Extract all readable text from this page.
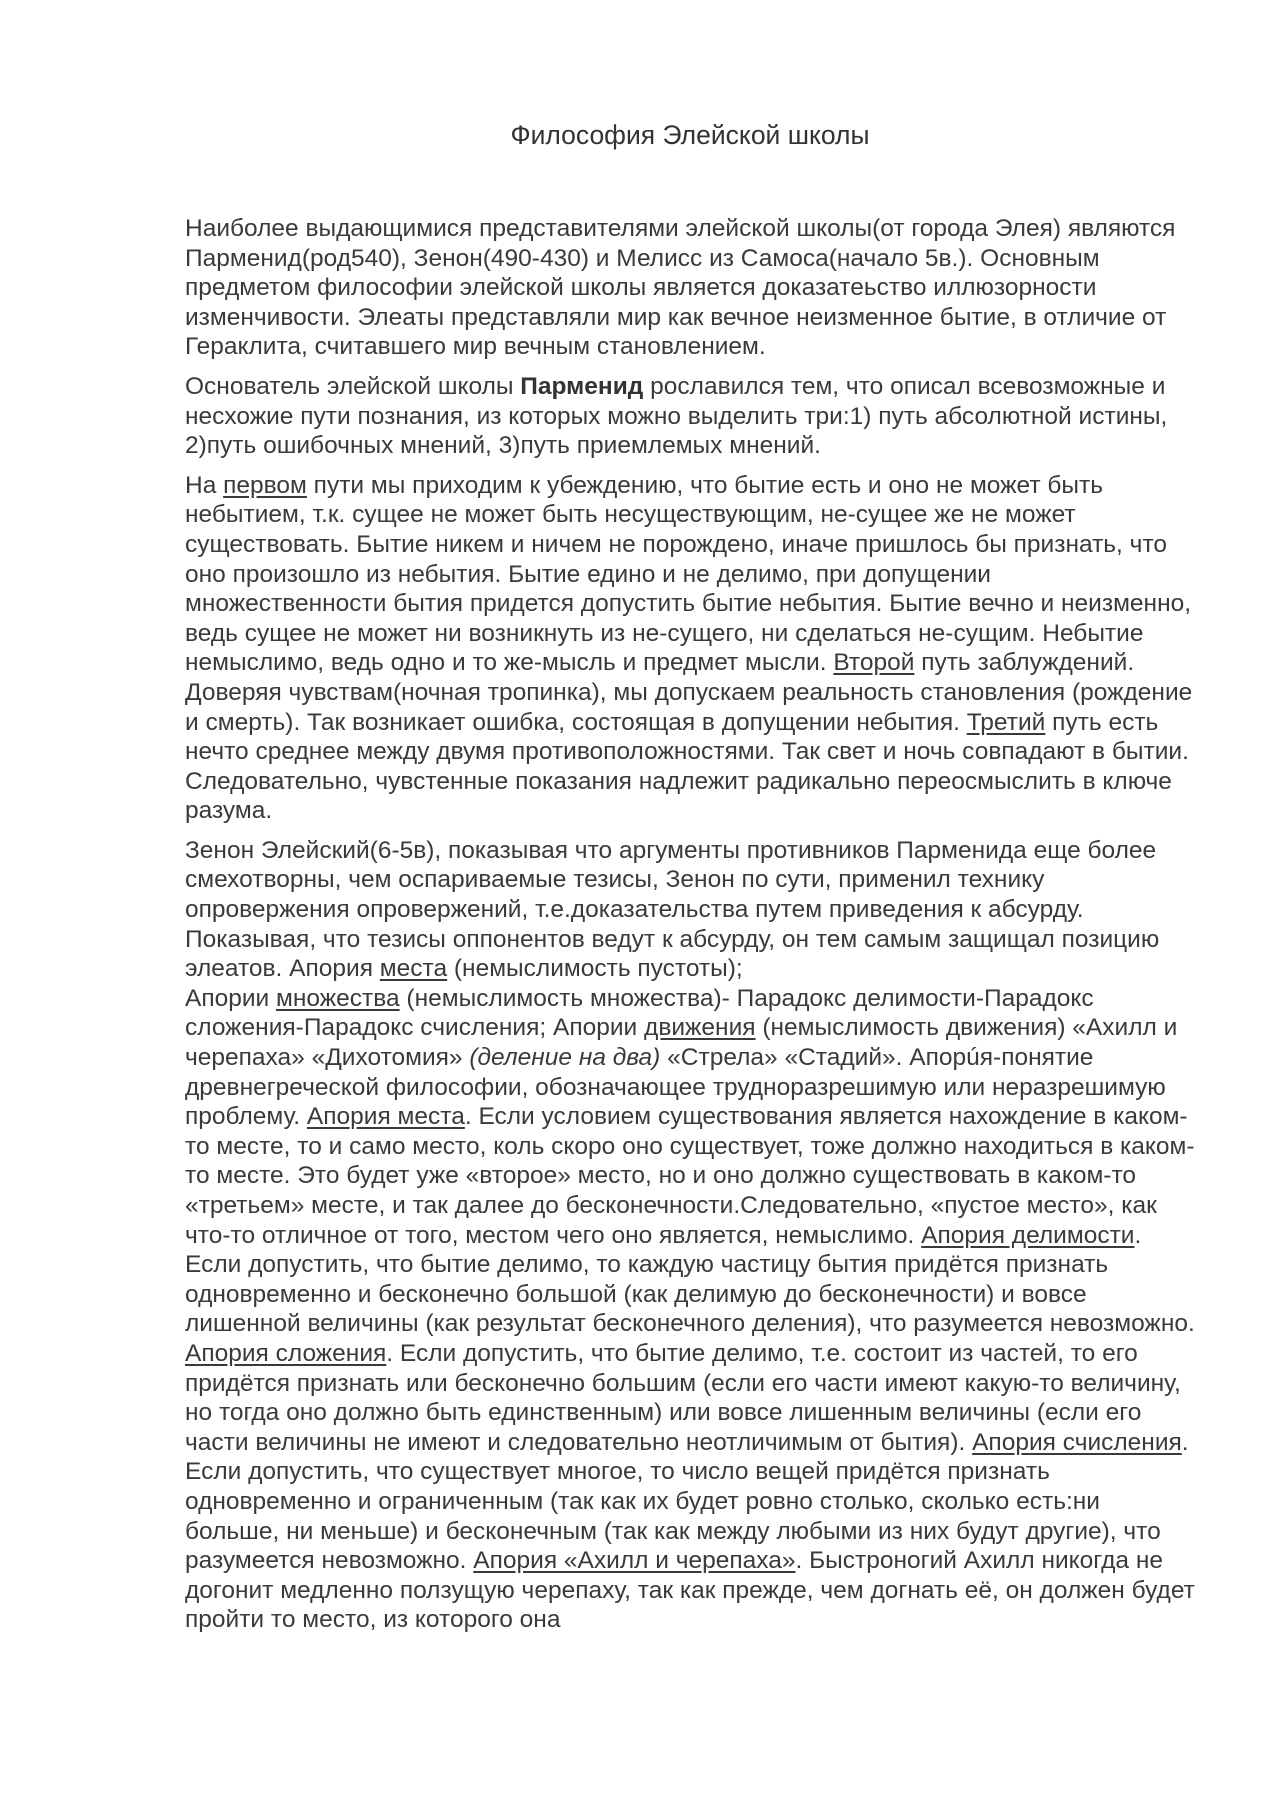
Философия Элейской школы

Наиболее выдающимися представителями элейской школы(от города Элея) являются Парменид(род540), Зенон(490-430) и Мелисс из Самоса(начало 5в.). Основным предметом философии элейской школы является доказатеьство иллюзорности изменчивости. Элеаты представляли мир как вечное неизменное бытие, в отличие от Гераклита, считавшего мир вечным становлением.

Основатель элейской школы Парменид рославился тем, что описал всевозможные и несхожие пути познания, из которых можно выделить три:1) путь абсолютной истины, 2)путь ошибочных мнений, 3)путь приемлемых мнений.

На первом пути мы приходим к убеждению, что бытие есть и оно не может быть небытием, т.к. сущее не может быть несуществующим, не-сущее же не может существовать. Бытие никем и ничем не порождено, иначе пришлось бы признать, что оно произошло из небытия. Бытие едино и не делимо, при допущении множественности бытия придется допустить бытие небытия. Бытие вечно и неизменно, ведь сущее не может ни возникнуть из не-сущего, ни сделаться не-сущим. Небытие немыслимо, ведь одно и то же-мысль и предмет мысли. Второй путь заблуждений. Доверяя чувствам(ночная тропинка), мы допускаем реальность становления (рождение и смерть). Так возникает ошибка, состоящая в допущении небытия. Третий путь есть нечто среднее между двумя противоположностями. Так свет и ночь совпадают в бытии. Следовательно, чувстенные показания надлежит радикально переосмыслить в ключе разума.

Зенон Элейский(6-5в), показывая что аргументы противников Парменида еще более смехотворны, чем оспариваемые тезисы, Зенон по сути, применил технику опровержения опровержений, т.е.доказательства путем приведения к абсурду. Показывая, что тезисы оппонентов ведут к абсурду, он тем самым защищал позицию элеатов. Апория места (немыслимость пустоты);

Апории множества (немыслимость множества)- Парадокс делимости-Парадокс сложения-Парадокс счисления; Апории движения (немыслимость движения) «Ахилл и черепаха» «Дихотомия» (деление на два) «Стрела» «Стадий». Апорúя-понятие древнегреческой философии, обозначающее трудноразрешимую или неразрешимую проблему. Апория места. Если условием существования является нахождение в каком-то месте, то и само место, коль скоро оно существует, тоже должно находиться в каком-то месте. Это будет уже «второе» место, но и оно должно существовать в каком-то «третьем» месте, и так далее до бесконечности.Следовательно, «пустое место», как что-то отличное от того, местом чего оно является, немыслимо. Апория делимости. Если допустить, что бытие делимо, то каждую частицу бытия придётся признать одновременно и бесконечно большой (как делимую до бесконечности) и вовсе лишенной величины (как результат бесконечного деления), что разумеется невозможно. Апория сложения. Если допустить, что бытие делимо, т.е. состоит из частей, то его придётся признать или бесконечно большим (если его части имеют какую-то величину, но тогда оно должно быть единственным) или вовсе лишенным величины (если его части величины не имеют и следовательно неотличимым от бытия). Апория счисления. Если допустить, что существует многое, то число вещей придётся признать одновременно и ограниченным (так как их будет ровно столько, сколько есть:ни больше, ни меньше) и бесконечным (так как между любыми из них будут другие), что разумеется невозможно. Апория «Ахилл и черепаха». Быстроногий Ахилл никогда не догонит медленно ползущую черепаху, так как прежде, чем догнать её, он должен будет пройти то место, из которого она
